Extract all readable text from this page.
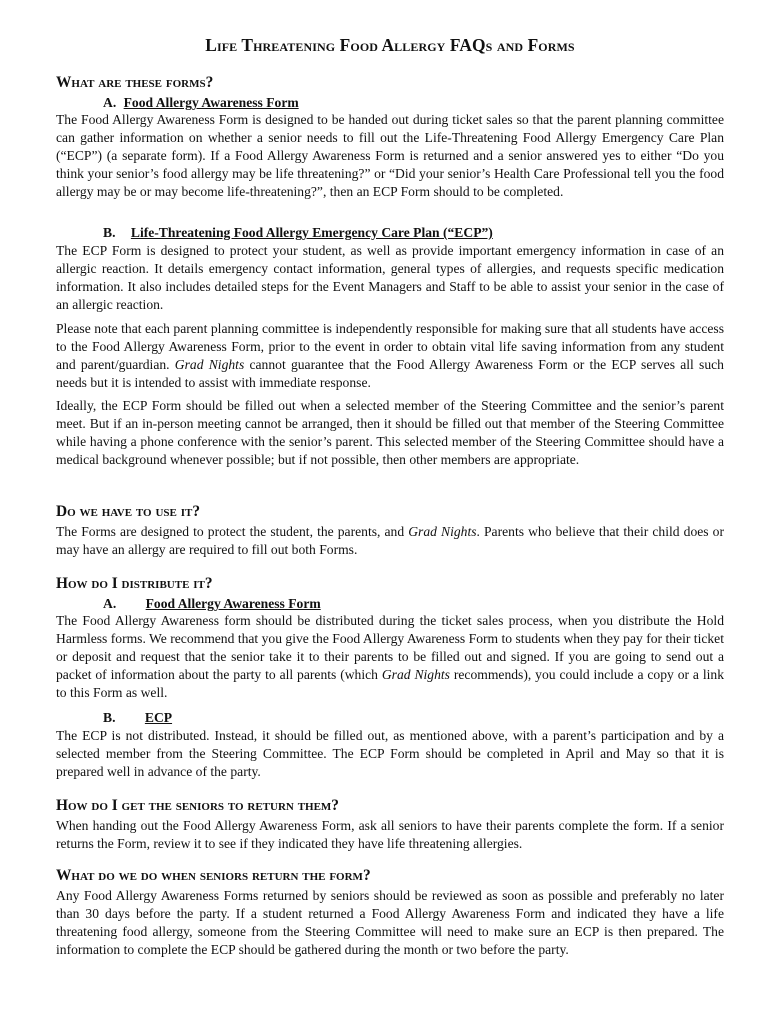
Life Threatening Food Allergy FAQs and Forms
What are these forms?
A. Food Allergy Awareness Form

The Food Allergy Awareness Form is designed to be handed out during ticket sales so that the parent planning committee can gather information on whether a senior needs to fill out the Life-Threatening Food Allergy Emergency Care Plan (“ECP”) (a separate form). If a Food Allergy Awareness Form is returned and a senior answered yes to either “Do you think your senior’s food allergy may be life threatening?” or “Did your senior’s Health Care Professional tell you the food allergy may be or may become life-threatening?”, then an ECP Form should to be completed.

B. Life-Threatening Food Allergy Emergency Care Plan (“ECP”)

The ECP Form is designed to protect your student, as well as provide important emergency information in case of an allergic reaction. It details emergency contact information, general types of allergies, and requests specific medication information. It also includes detailed steps for the Event Managers and Staff to be able to assist your senior in the case of an allergic reaction.

Please note that each parent planning committee is independently responsible for making sure that all students have access to the Food Allergy Awareness Form, prior to the event in order to obtain vital life saving information from any student and parent/guardian. Grad Nights cannot guarantee that the Food Allergy Awareness Form or the ECP serves all such needs but it is intended to assist with immediate response.

Ideally, the ECP Form should be filled out when a selected member of the Steering Committee and the senior’s parent meet. But if an in-person meeting cannot be arranged, then it should be filled out that member of the Steering Committee while having a phone conference with the senior’s parent. This selected member of the Steering Committee should have a medical background whenever possible; but if not possible, then other members are appropriate.

Do we have to use it?

The Forms are designed to protect the student, the parents, and Grad Nights. Parents who believe that their child does or may have an allergy are required to fill out both Forms.

How do I distribute it?
A. Food Allergy Awareness Form

The Food Allergy Awareness form should be distributed during the ticket sales process, when you distribute the Hold Harmless forms. We recommend that you give the Food Allergy Awareness Form to students when they pay for their ticket or deposit and request that the senior take it to their parents to be filled out and signed. If you are going to send out a packet of information about the party to all parents (which Grad Nights recommends), you could include a copy or a link to this Form as well.

B. ECP

The ECP is not distributed. Instead, it should be filled out, as mentioned above, with a parent’s participation and by a selected member from the Steering Committee. The ECP Form should be completed in April and May so that it is prepared well in advance of the party.

How do I get the seniors to return them?

When handing out the Food Allergy Awareness Form, ask all seniors to have their parents complete the form. If a senior returns the Form, review it to see if they indicated they have life threatening allergies.

What do we do when seniors return the form?

Any Food Allergy Awareness Forms returned by seniors should be reviewed as soon as possible and preferably no later than 30 days before the party. If a student returned a Food Allergy Awareness Form and indicated they have a life threatening food allergy, someone from the Steering Committee will need to make sure an ECP is then prepared. The information to complete the ECP should be gathered during the month or two before the party.
